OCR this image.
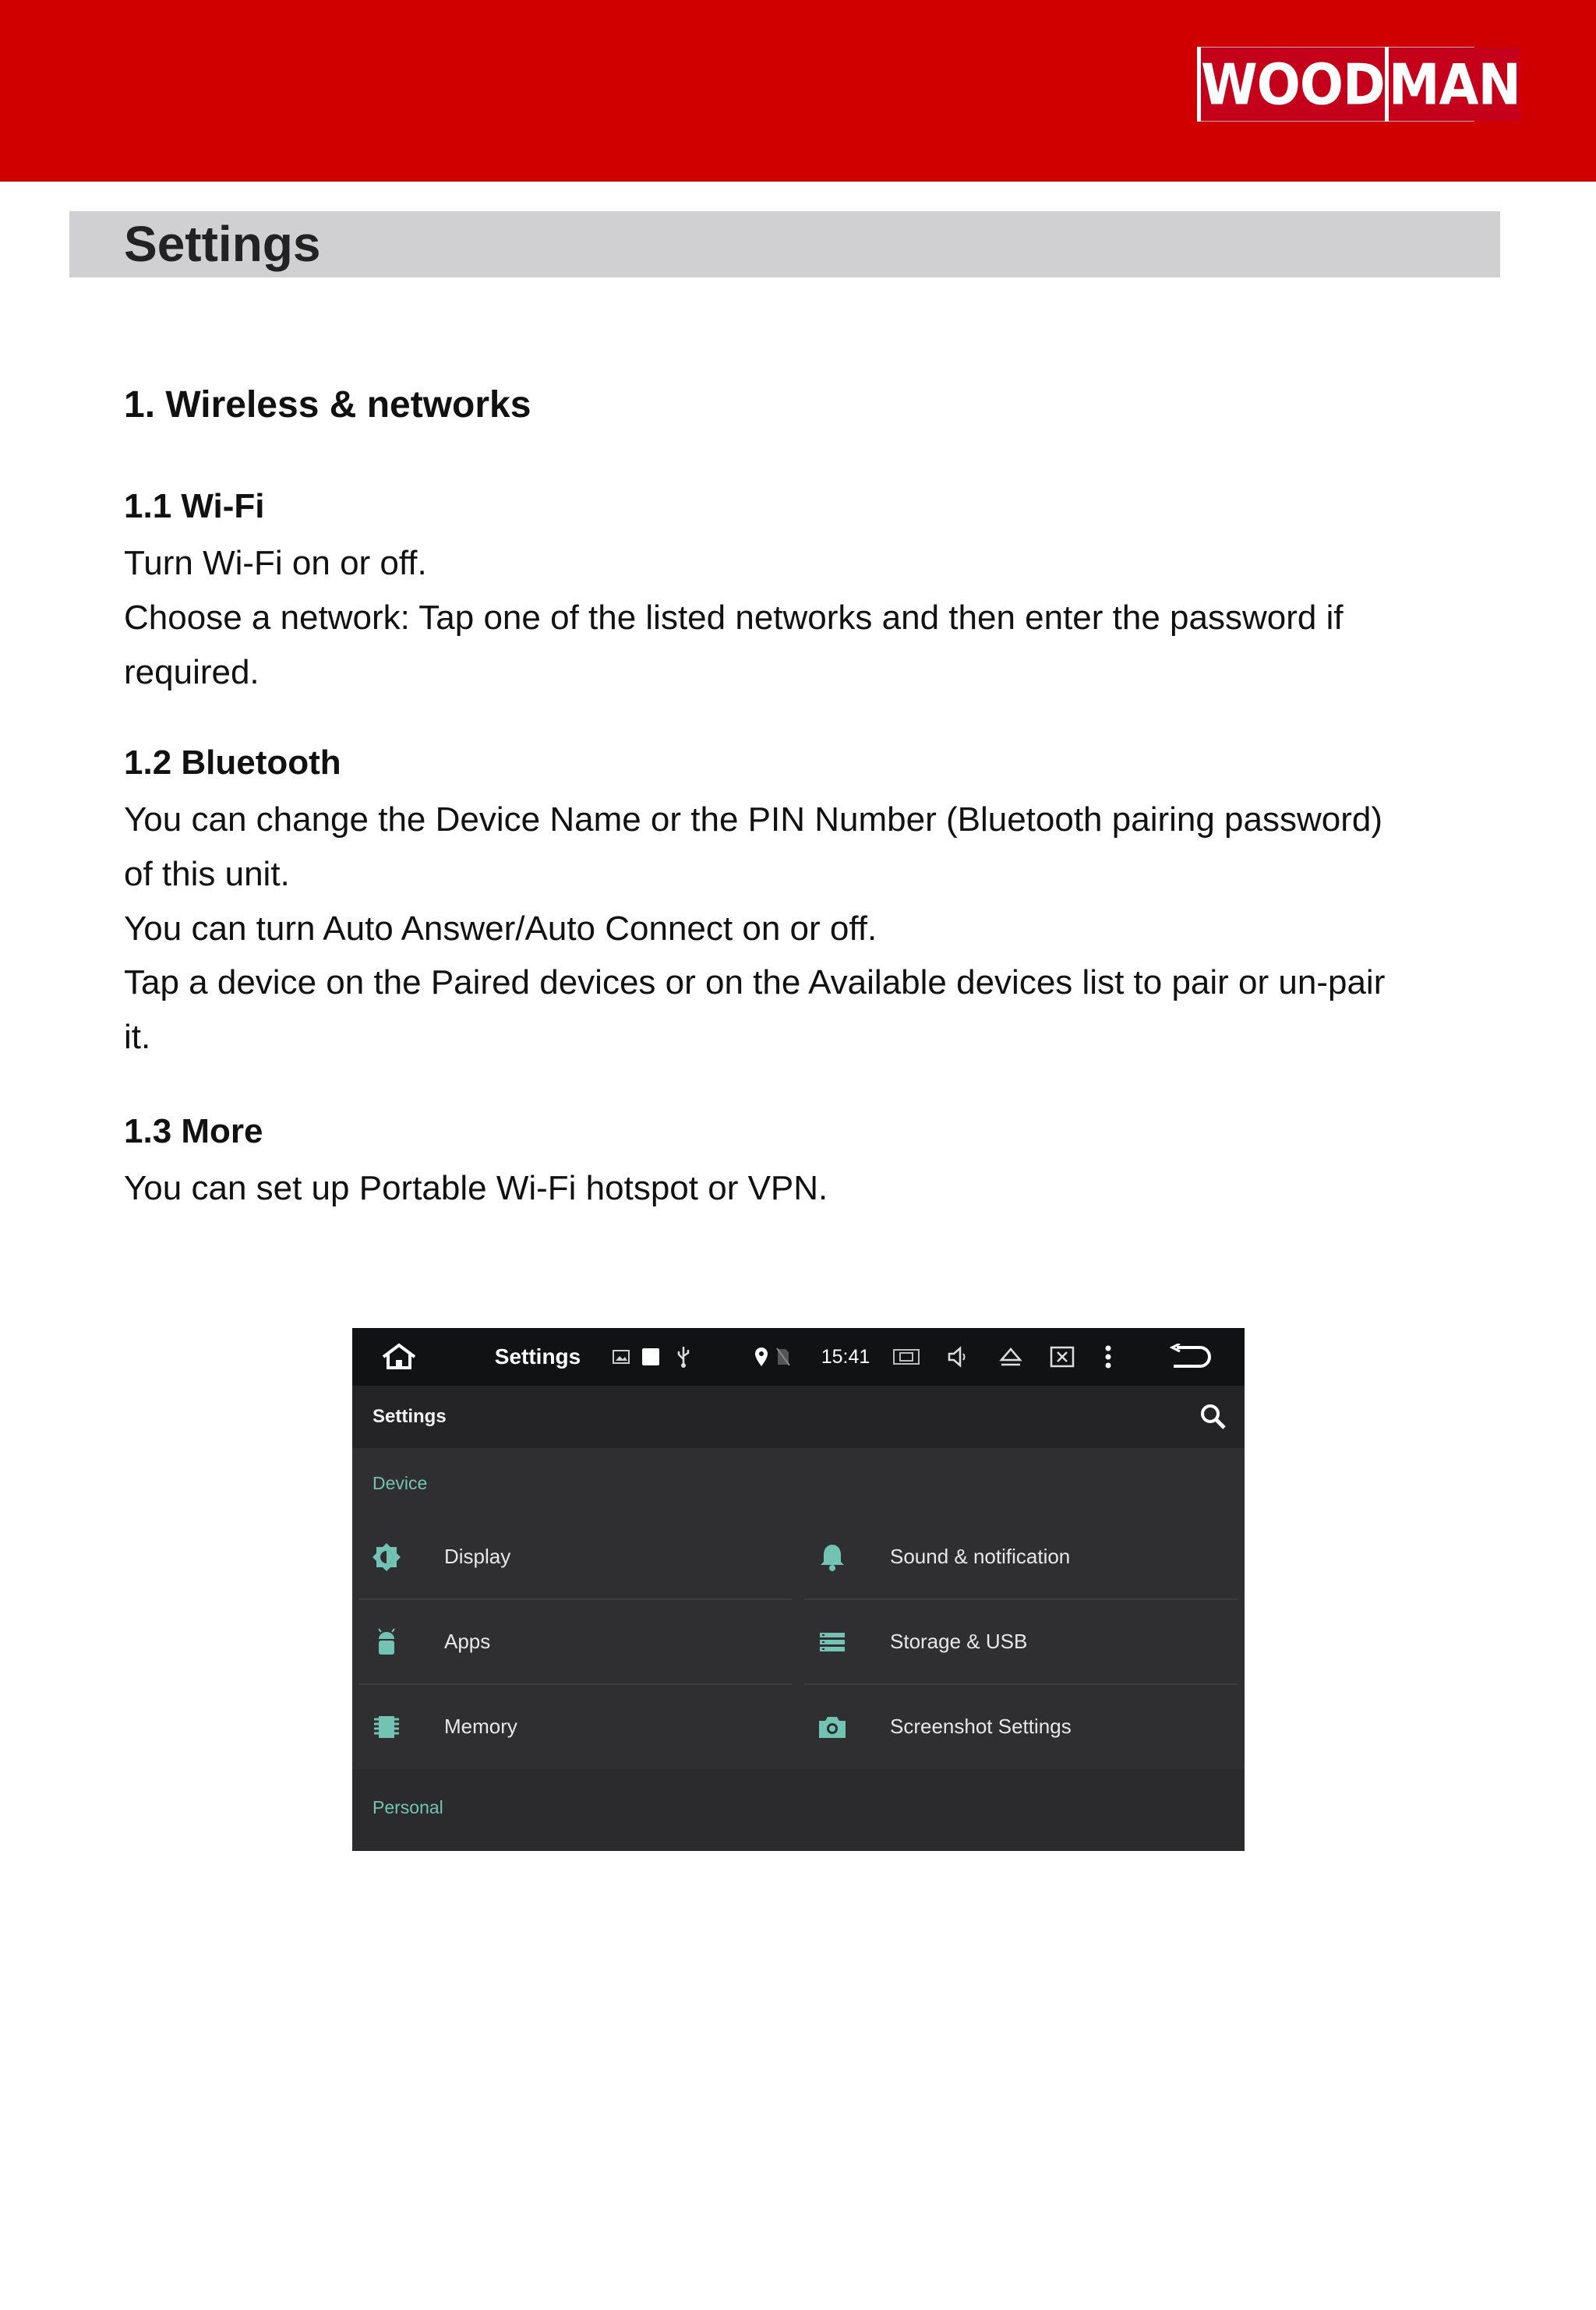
WOOD MAN
Settings
1. Wireless & networks
1.1 Wi-Fi
Turn Wi-Fi on or off.
Choose a network: Tap one of the listed networks and then enter the password if
required.
1.2 Bluetooth
You can change the Device Name or the PIN Number (Bluetooth pairing password)
of this unit.
You can turn Auto Answer/Auto Connect on or off.
Tap a device on the Paired devices or on the Available devices list to pair or un-pair
it.
1.3 More
You can set up Portable Wi-Fi hotspot or VPN.
Settings	15:41
Settings
Device
Display	Sound & notification
Apps	Storage & USB
Memory	Screenshot Settings
Personal
